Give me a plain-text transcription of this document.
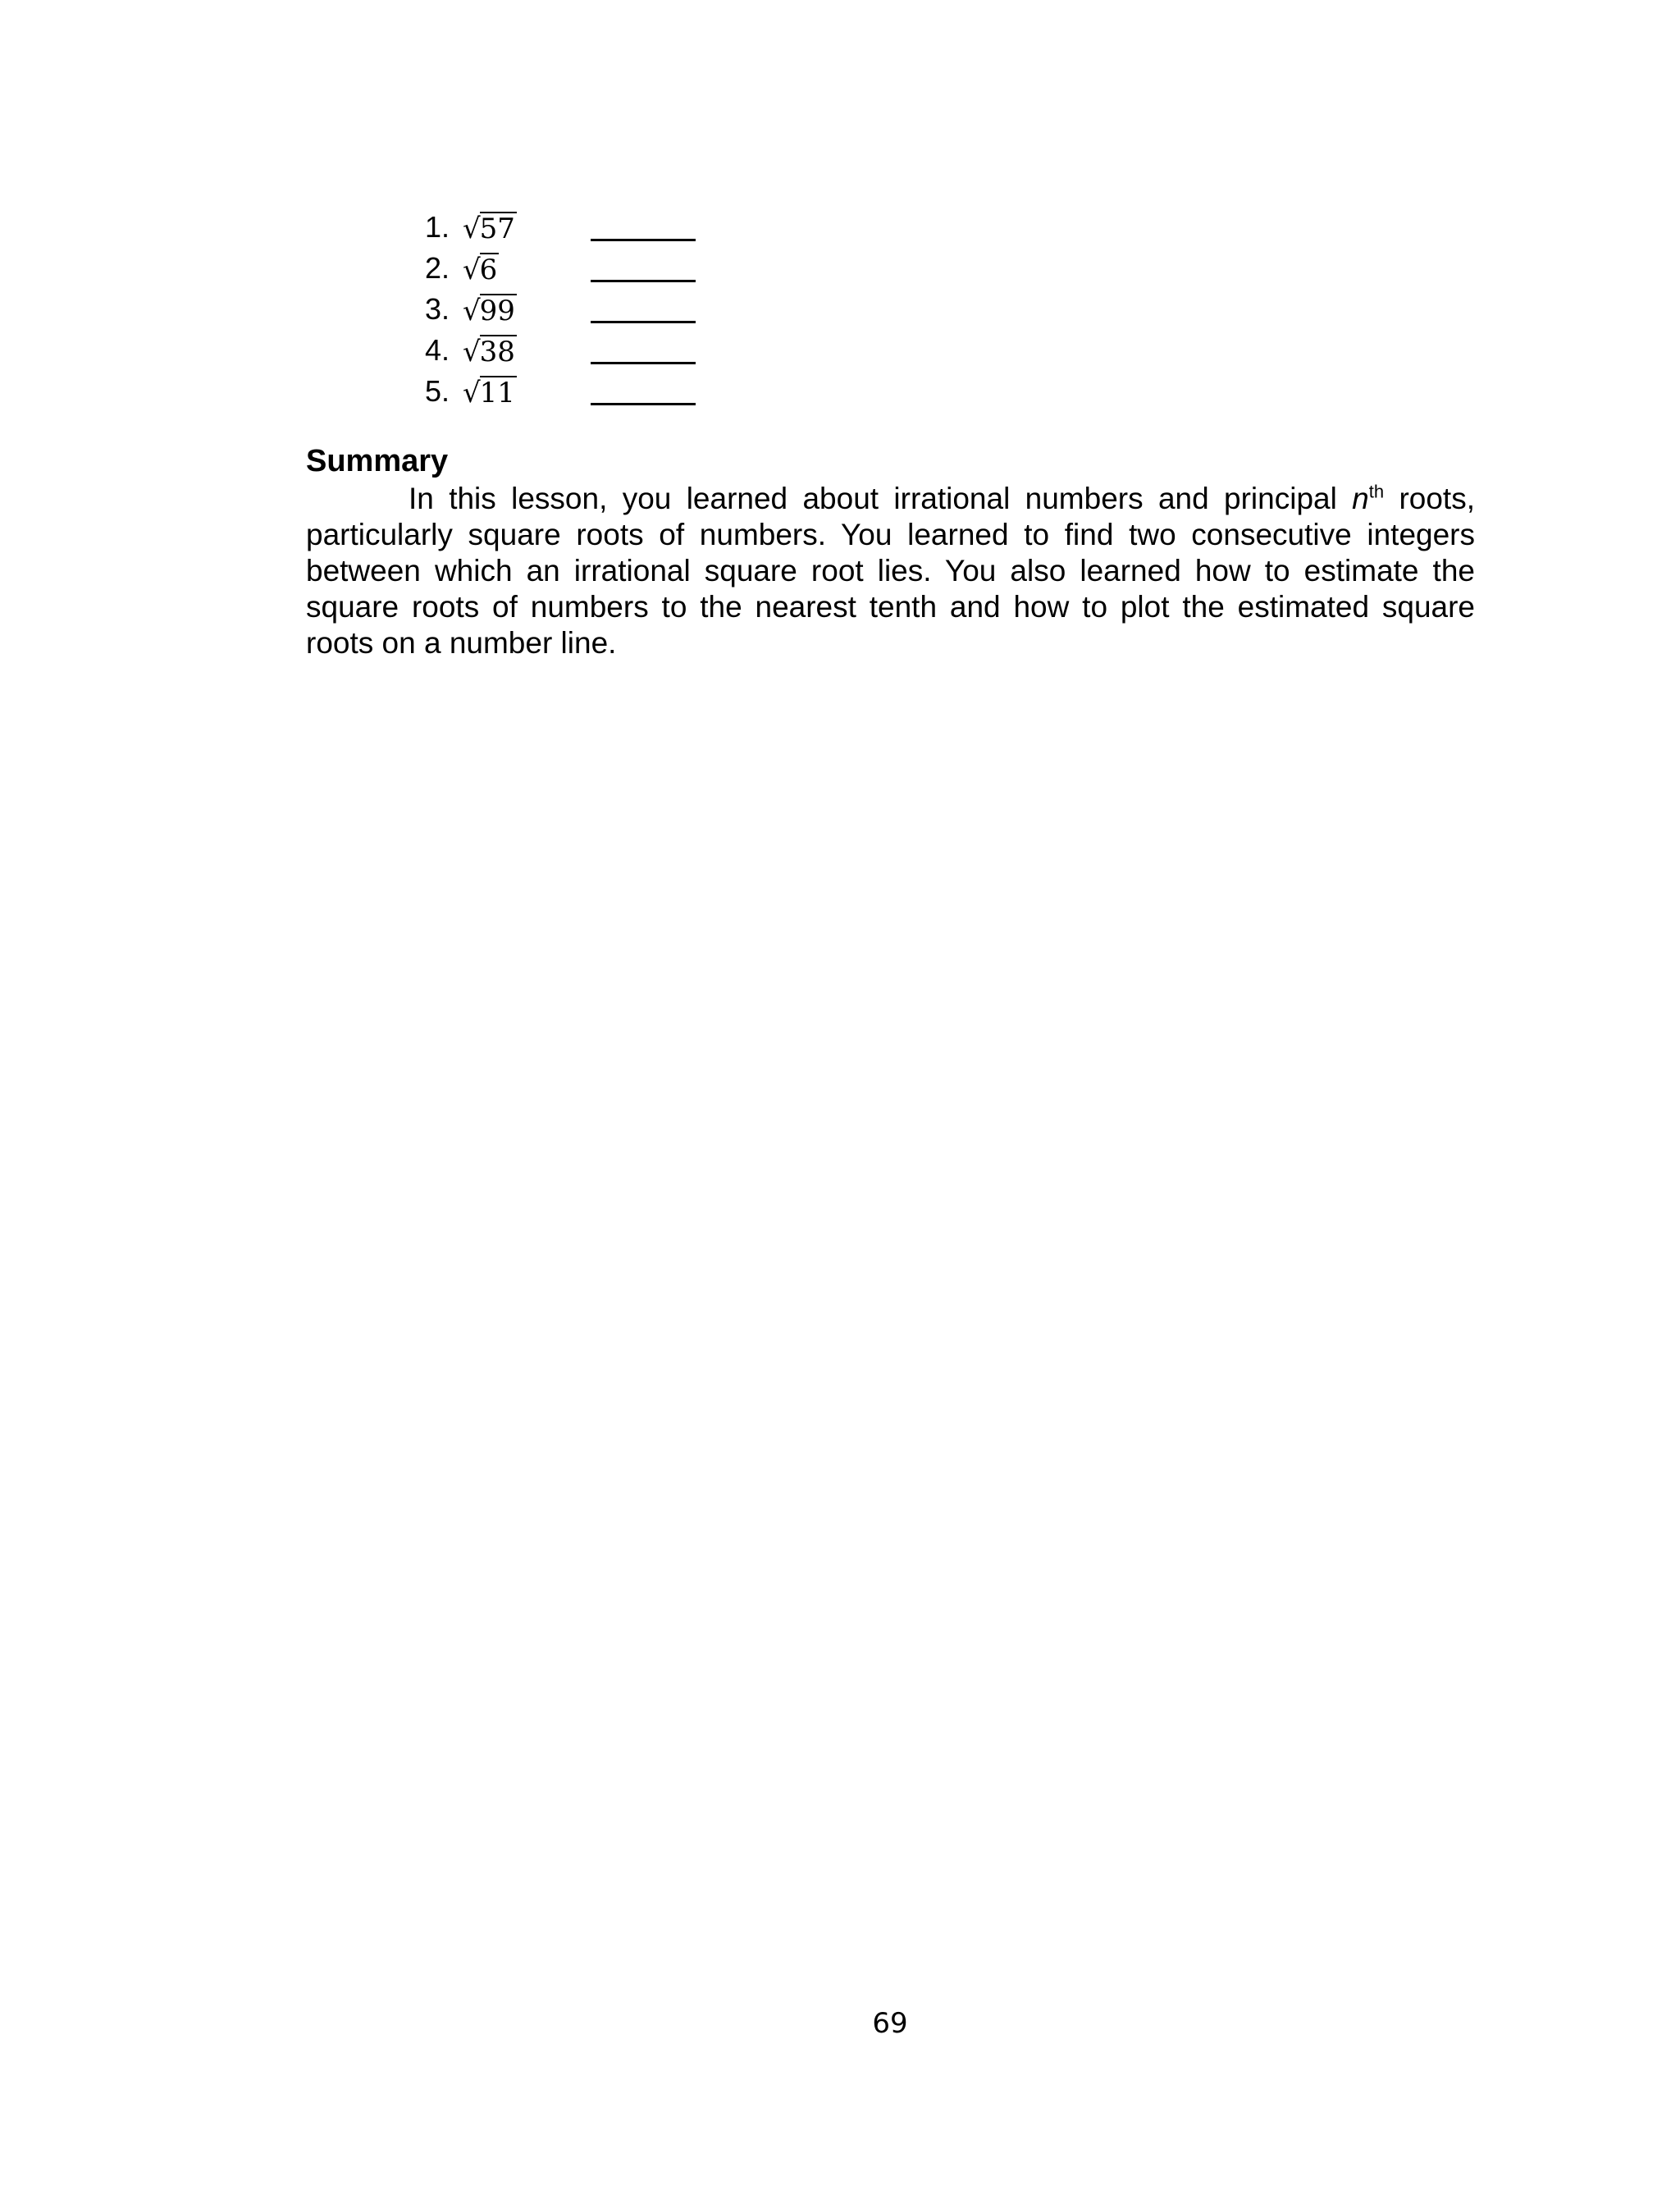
1. √57
2. √6
3. √99
4. √38
5. √11

Summary

In this lesson, you learned about irrational numbers and principal $n^{th}$ roots, particularly square roots of numbers. You learned to find two consecutive integers between which an irrational square root lies. You also learned how to estimate the square roots of numbers to the nearest tenth and how to plot the estimated square roots on a number line.

69
